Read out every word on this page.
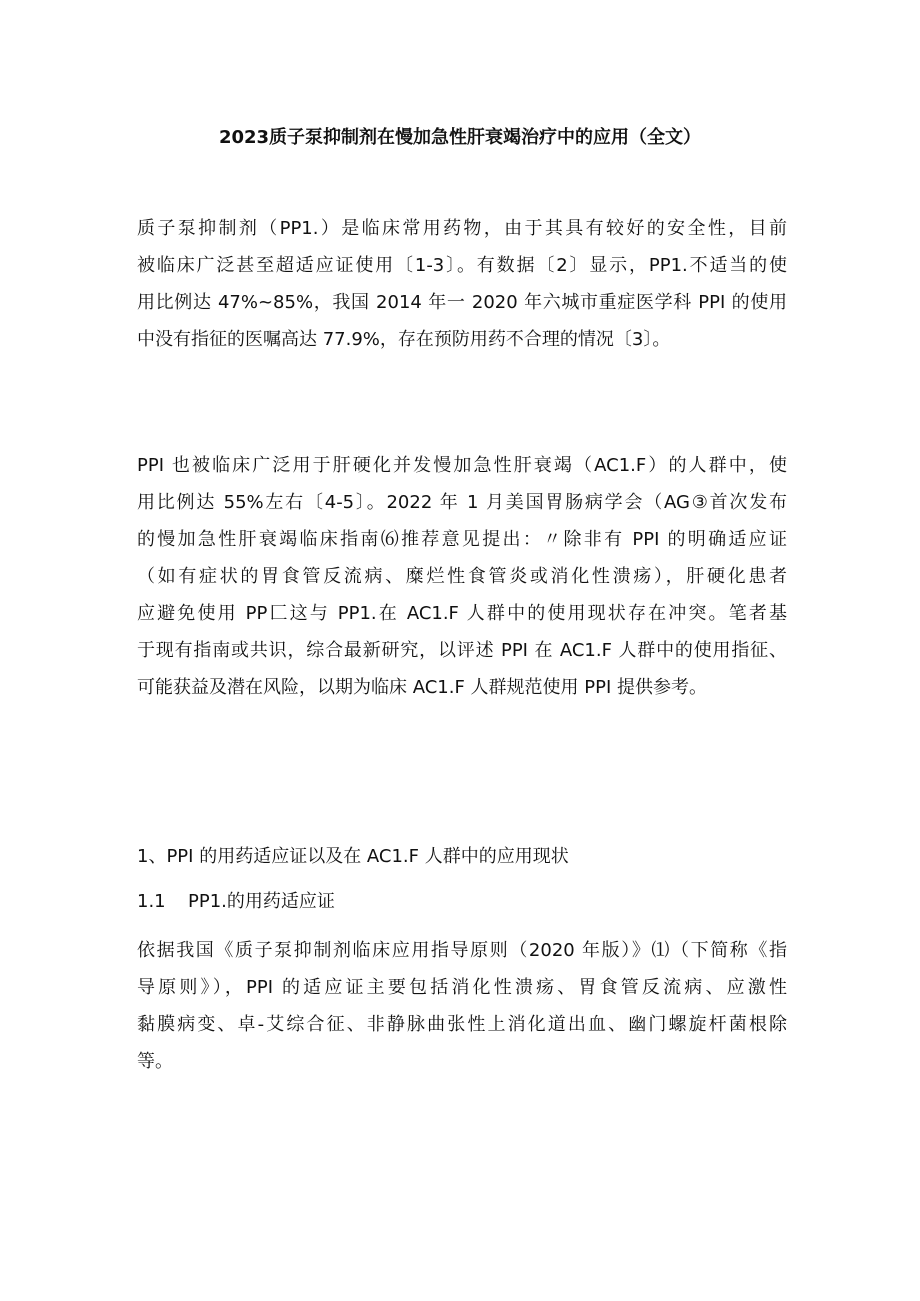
2023质子泵抑制剂在慢加急性肝衰竭治疗中的应用（全文）
质子泵抑制剂（PP1.）是临床常用药物，由于其具有较好的安全性，目前
被临床广泛甚至超适应证使用〔1-3〕。有数据〔2〕显示，PP1.不适当的使
用比例达 47%~85%，我国 2014 年一 2020 年六城市重症医学科 PPI 的使用
中没有指征的医嘱高达 77.9%，存在预防用药不合理的情况〔3〕。
PPI 也被临床广泛用于肝硬化并发慢加急性肝衰竭（AC1.F）的人群中，使
用比例达 55%左右〔4-5〕。2022 年 1 月美国胃肠病学会（AG③首次发布
的慢加急性肝衰竭临床指南⑹推荐意见提出：〃除非有 PPI 的明确适应证
（如有症状的胃食管反流病、糜烂性食管炎或消化性溃疡），肝硬化患者
应避免使用 PP匚这与 PP1.在 AC1.F 人群中的使用现状存在冲突。笔者基
于现有指南或共识，综合最新研究，以评述 PPI 在 AC1.F 人群中的使用指征、
可能获益及潜在风险，以期为临床 AC1.F 人群规范使用 PPI 提供参考。
1、PPI 的用药适应证以及在 AC1.F 人群中的应用现状
1.1 PP1.的用药适应证
依据我国《质子泵抑制剂临床应用指导原则（2020 年版）》⑴（下简称《指
导原则》），PPI 的适应证主要包括消化性溃疡、胃食管反流病、应激性
黏膜病变、卓-艾综合征、非静脉曲张性上消化道出血、幽门螺旋杆菌根除
等。
